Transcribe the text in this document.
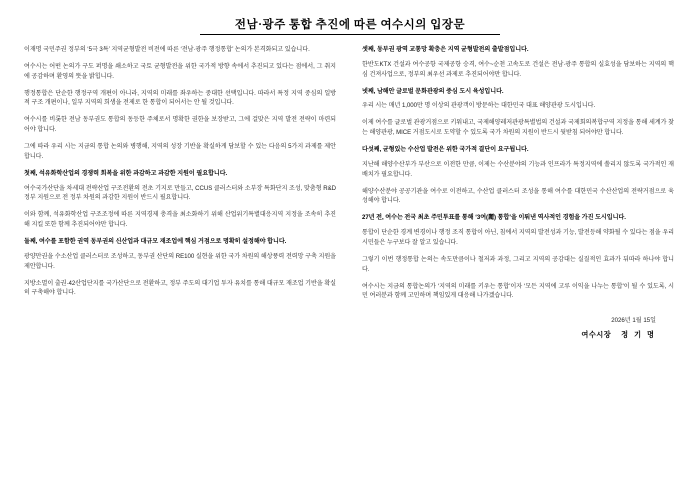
전남·광주 통합 추진에 따른 여수시의 입장문

이재명 국민주권 정부의 ‘5극 3특’ 지역균형발전 비전에 따른 ‘전남·광주 행정통합’ 논의가 본격화되고 있습니다.

여수시는 어떤 논의가 구도 퍼명을 쇄소하고 국토 균형발전을 위한 국가적 방향 속에서 추진되고 있다는 점에서, 그 취지에 공감하며 환영의 뜻을 밝힙니다.

행정통합은 단순한 행정구역 개편이 아니라, 지역의 미래를 좌우하는 중대한 선택입니다. 따라서 특정 지역 중심의 일방적 구조 개편이나, 일부 지역의 희생을 전제로 한 통합이 되어서는 안 될 것입니다.

여수시를 비롯한 전남 동부권도 통합의 동등한 주체로서 명확한 권한을 보장받고, 그에 걸맞은 지역 발전 전략이 마련되어야 합니다.

그에 따라 우리 시는 지금의 통합 논의와 병행해, 지역의 성장 기반을 확실하게 담보할 수 있는 다음의 5가지 과제를 제안합니다.

첫째, 석유화학산업의 경쟁력 회복을 위한 과감하고 과감한 지원이 필요합니다.

여수국가산단을 차세대 전략산업 구조전환의 전초 기지로 만들고, CCUS 클러스터와 소부장 특화단지 조성, 맞춤형 R&D 정부 지원으로 전 정부 차원의 과감한 지원이 반드시 필요합니다.

이와 함께, 석유화학산업 구조조정에 따른 지역경제 충격을 최소화하기 위해 산업위기특별대응지역 지정을 조속히 추진해 지킬 또한 함께 추진되어야만 합니다.

둘째, 여수를 포함한 권역 동부권의 신산업과 대규모 재조업에 핵심 거점으로 명확히 설정해야 합니다.

광양만권을 수소산업 클러스터로 조성하고, 동부권 산단의 RE100 실현을 위한 국가 차원의 해상풍력 전력망 구축 지원을 제안합니다.

지방소멸이 출권·42산업단지를 국가산단으로 전환하고, 정부 주도의 대기업 투자 유치를 통해 대규모 재조업 기반을 확실히 구축해야 합니다.

셋째, 동부권 광역 교통망 확충은 지역 균형발전의 출발점입니다.

한반도KTX 건설과 여수공항 국제공항 승격, 여수~순천 고속도로 건설은 전남·광주 통합의 실효성을 담보하는 지역의 핵심 건져사업으로, 정부의 최우선 과제로 추진되어야만 합니다.

넷째, 남해안 글로벌 문화관광의 중심 도시 육성입니다.

우리 시는 매년 1,000만 명 이상의 관광객이 방문하는 대한민국 대표 해양관광 도시입니다.

이제 여수를 글로벌 관광거점으로 키워내고, 국제해양레저관광특별법의 건설과 국제회의복합구역 지정을 통해 세계가 찾는 해양관광, MICE 거점도시로 도약할 수 있도록 국가 차원의 지원이 반드시 뒷받침 되어야만 합니다.

다섯째, 균형있는 수산업 발전은 위한 국가적 결단이 요구됩니다.

지난해 해양수산부가 부산으로 이전한 만큼, 이제는 수산분야의 기능과 인프라가 특정지역에 쏠리지 않도록 국가적인 재배치가 필요합니다.

해양수산분야 공공기관을 여수로 이전하고, 수산업 클러스터 조성을 통해 여수를 대한민국 수산산업의 전략거점으로 육성해야 합니다.

27년 전, 여수는 전국 최초 주민투표를 통해 ‘3여(麗) 통합’을 이뤄낸 역사적인 경험을 가진 도시입니다.

통합이 단순한 경계 변경이나 행정 조직 통합이 아닌, 침에서 지역의 발전성과 기능, 발전등해 약화될 수 있다는 점을 우리 시민들은 누구보다 잘 알고 있습니다.

그렇기 이번 행정통합 논의는 속도만큼이나 철저과 과정, 그리고 지역의 공감대는 실질적인 효과가 뒤따라 하나야 합니다.

여수시는 지금의 통합논의가 ‘지역의 미래를 키우는 통합’이자 ‘모든 지역에 고루 이익을 나누는 통합’이 될 수 있도록, 시민 여러분과 함께 고민하며 책임있게 대응해 나가겠습니다.

2026년 1월 15일
여수시장 정 기 명
